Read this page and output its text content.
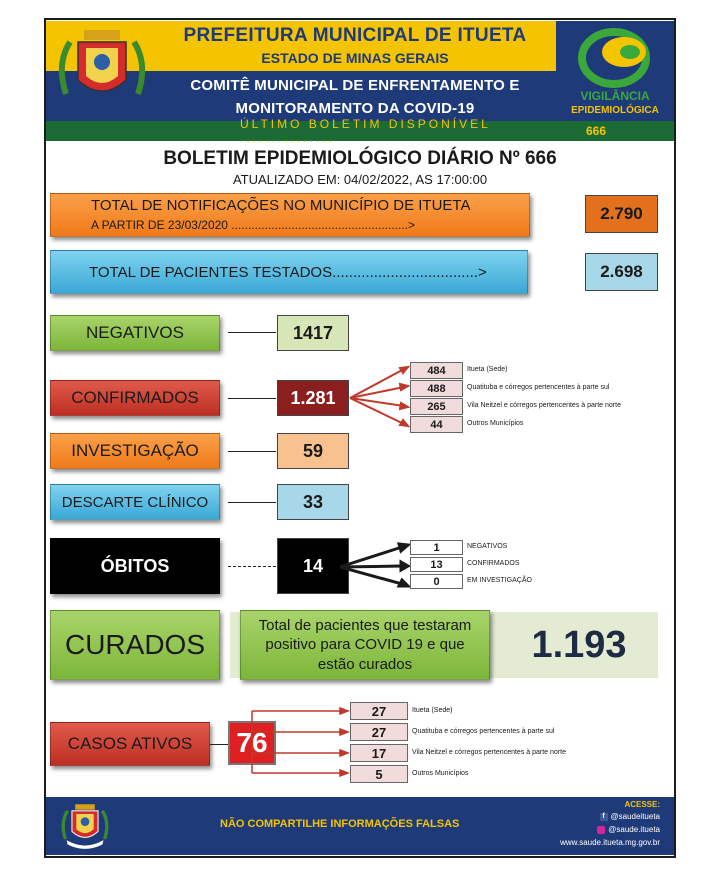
PREFEITURA MUNICIPAL DE ITUETA
ESTADO DE MINAS GERAIS
COMITÊ MUNICIPAL DE ENFRENTAMENTO E
MONITORAMENTO DA COVID-19
VIGILÂNCIA
EPIDEMIOLÓGICA
ÚLTIMO BOLETIM DISPONÍVEL ...............	666
BOLETIM EPIDEMIOLÓGICO DIÁRIO Nº 666
ATUALIZADO EM: 04/02/2022, AS 17:00:00
TOTAL DE NOTIFICAÇÕES NO MUNICÍPIO DE ITUETA
A PARTIR DE 23/03/2020 .....................................................>
2.790
TOTAL DE PACIENTES TESTADOS...................................>	2.698
NEGATIVOS	1417
CONFIRMADOS	1.281
484	Itueta (Sede)
488	Quatituba e córregos pertencentes à parte sul
265	Vila Neitzel e córregos pertencentes à parte norte
44	Outros Municípios
INVESTIGAÇÃO	59
DESCARTE CLÍNICO	33
ÓBITOS	14
1	NEGATIVOS
13	CONFIRMADOS
0	EM INVESTIGAÇÃO
CURADOS
Total de pacientes que testaram positivo para COVID 19 e que estão curados	1.193
CASOS ATIVOS	76
27	Itueta (Sede)
27	Quatituba e córregos pertencentes à parte sul
17	Vila Neitzel e córregos pertencentes à parte norte
5	Outros Municípios
NÃO COMPARTILHE INFORMAÇÕES FALSAS
ACESSE:
f @saudeitueta
@saude.itueta
www.saude.itueta.mg.gov.br
